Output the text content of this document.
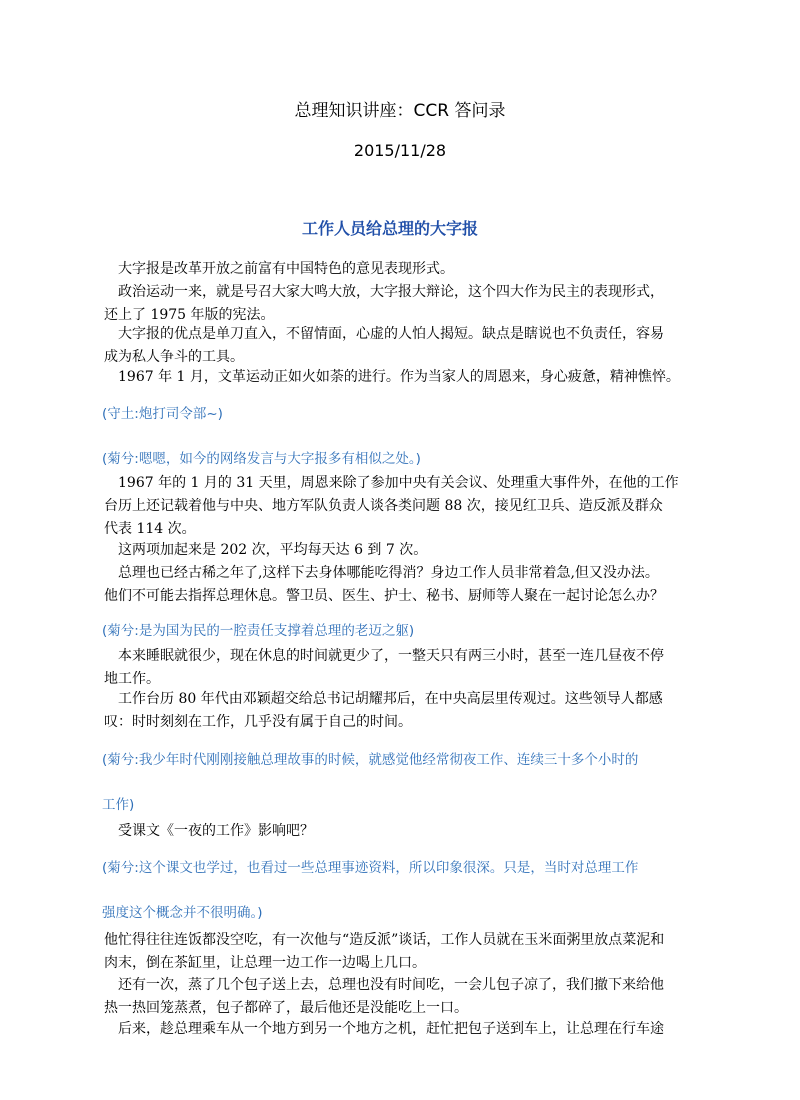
总理知识讲座：CCR 答问录
2015/11/28
工作人员给总理的大字报
大字报是改革开放之前富有中国特色的意见表现形式。
政治运动一来，就是号召大家大鸣大放，大字报大辩论，这个四大作为民主的表现形式，
还上了 1975 年版的宪法。
大字报的优点是单刀直入，不留情面，心虚的人怕人揭短。缺点是瞎说也不负责任，容易
成为私人争斗的工具。
1967 年 1 月，文革运动正如火如荼的进行。作为当家人的周恩来，身心疲惫，精神憔悴。
(守土:炮打司令部~)
(菊兮:嗯嗯，如今的网络发言与大字报多有相似之处。)
1967 年的 1 月的 31 天里，周恩来除了参加中央有关会议、处理重大事件外，在他的工作
台历上还记载着他与中央、地方军队负责人谈各类问题 88 次，接见红卫兵、造反派及群众
代表 114 次。
这两项加起来是 202 次，平均每天达 6 到 7 次。
总理也已经古稀之年了,这样下去身体哪能吃得消？身边工作人员非常着急,但又没办法。
他们不可能去指挥总理休息。警卫员、医生、护士、秘书、厨师等人聚在一起讨论怎么办？
(菊兮:是为国为民的一腔责任支撑着总理的老迈之躯)
本来睡眠就很少，现在休息的时间就更少了，一整天只有两三小时，甚至一连几昼夜不停
地工作。
工作台历 80 年代由邓颖超交给总书记胡耀邦后，在中央高层里传观过。这些领导人都感
叹：时时刻刻在工作，几乎没有属于自己的时间。
(菊兮:我少年时代刚刚接触总理故事的时候，就感觉他经常彻夜工作、连续三十多个小时的
工作)
受课文《一夜的工作》影响吧？
(菊兮:这个课文也学过，也看过一些总理事迹资料，所以印象很深。只是，当时对总理工作
强度这个概念并不很明确。)
他忙得往往连饭都没空吃，有一次他与“造反派”谈话，工作人员就在玉米面粥里放点菜泥和
肉末，倒在茶缸里，让总理一边工作一边喝上几口。
还有一次，蒸了几个包子送上去，总理也没有时间吃，一会儿包子凉了，我们撤下来给他
热一热回笼蒸煮，包子都碎了，最后他还是没能吃上一口。
后来，趁总理乘车从一个地方到另一个地方之机，赶忙把包子送到车上，让总理在行车途
